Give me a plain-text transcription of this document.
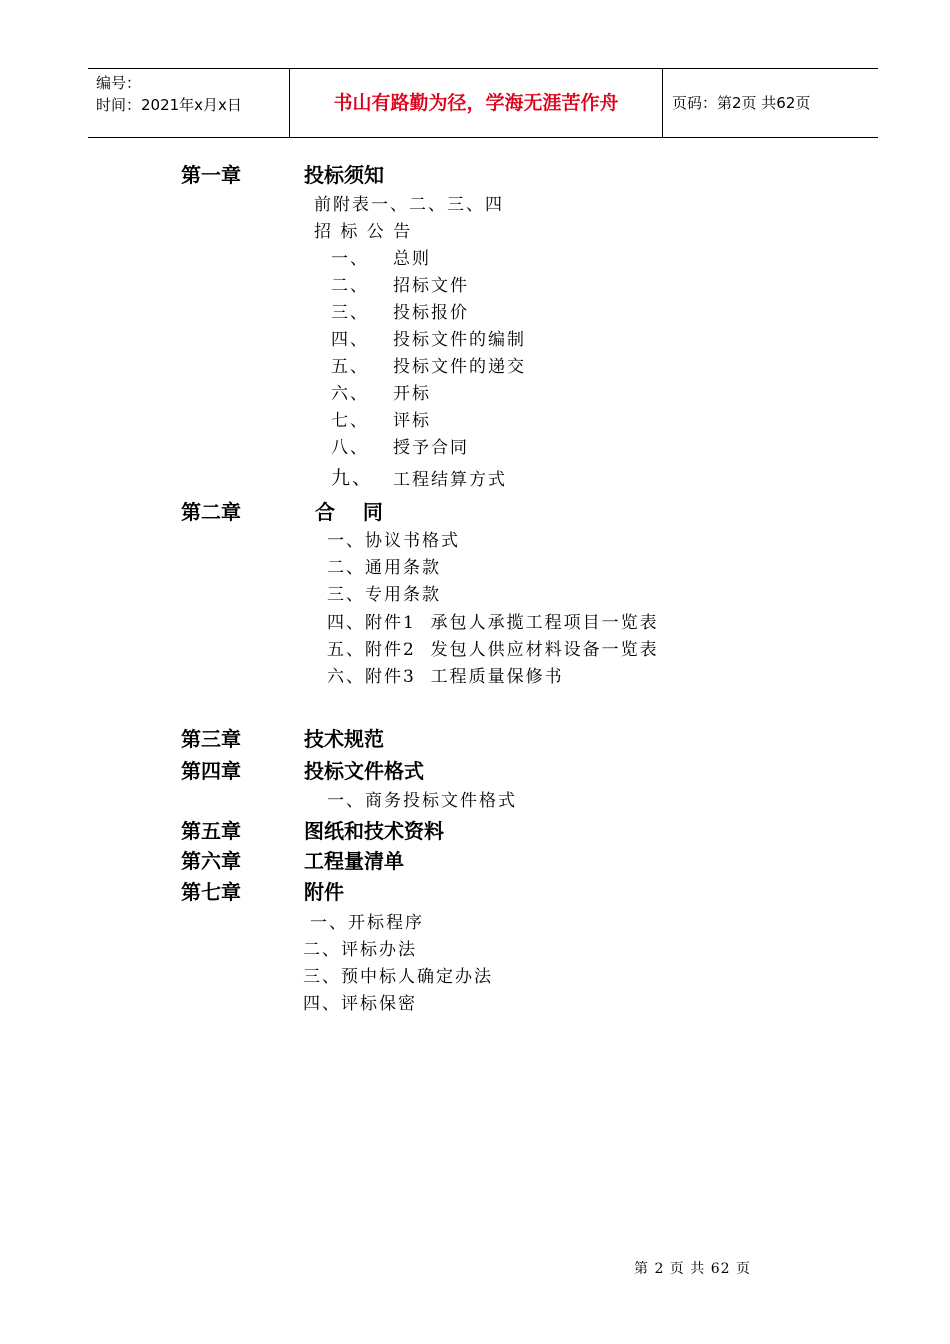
编号：
时间：2021年x月x日	书山有路勤为径，学海无涯苦作舟	页码：第2页 共62页
第一章	投标须知
前附表一、二、三、四
招 标 公 告
一、 总则
二、 招标文件
三、 投标报价
四、 投标文件的编制
五、 投标文件的递交
六、 开标
七、 评标
八、 授予合同
九、 工程结算方式
第二章	合    同
一、协议书格式
二、通用条款
三、专用条款
四、附件1  承包人承揽工程项目一览表
五、附件2  发包人供应材料设备一览表
六、附件3  工程质量保修书
第三章	技术规范
第四章	投标文件格式
一、商务投标文件格式
第五章	图纸和技术资料
第六章	工程量清单
第七章	附件
一、开标程序
二、评标办法
三、预中标人确定办法
四、评标保密
第 2 页 共 62 页
